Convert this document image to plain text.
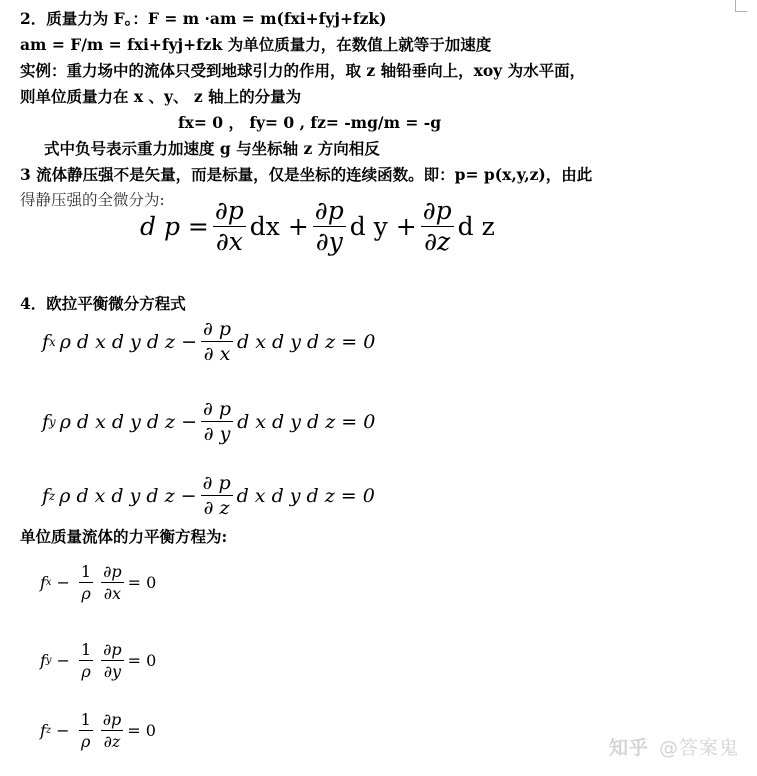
2．质量力为 F。：F = m ·am = m(fxi+fyj+fzk)
am = F/m = fxi+fyj+fzk 为单位质量力，在数值上就等于加速度
实例：重力场中的流体只受到地球引力的作用，取 z 轴铅垂向上，xoy 为水平面，
则单位质量力在 x 、y、 z 轴上的分量为
fx= 0 ， fy= 0 , fz= -mg/m = -g
式中负号表示重力加速度 g 与坐标轴 z 方向相反
3 流体静压强不是矢量，而是标量，仅是坐标的连续函数。即：p= p(x,y,z)，由此
得静压强的全微分为:
d $p = \frac{\partial p}{\partial x}$ dx + $\frac{\partial p}{\partial y}$ d $y + \frac{\partial p}{\partial z}$ d z
4．欧拉平衡微分方程式
f x ρ d x d y d $z - \frac{\partial p}{\partial x}$ d x d y d z = 0
f y ρ d x d y d $z - \frac{\partial p}{\partial y}$ d x d y d z = 0
f z ρ d x d y d $z - \frac{\partial p}{\partial z}$ d x d y d z = 0
单位质量流体的力平衡方程为:
f $x - \frac{1}{\rho} \frac{\partial p}{\partial x} = 0$
f $y - \frac{1}{\rho} \frac{\partial p}{\partial y} = 0$
f $z - \frac{1}{\rho} \frac{\partial p}{\partial z} = 0$
知乎 @答案鬼
